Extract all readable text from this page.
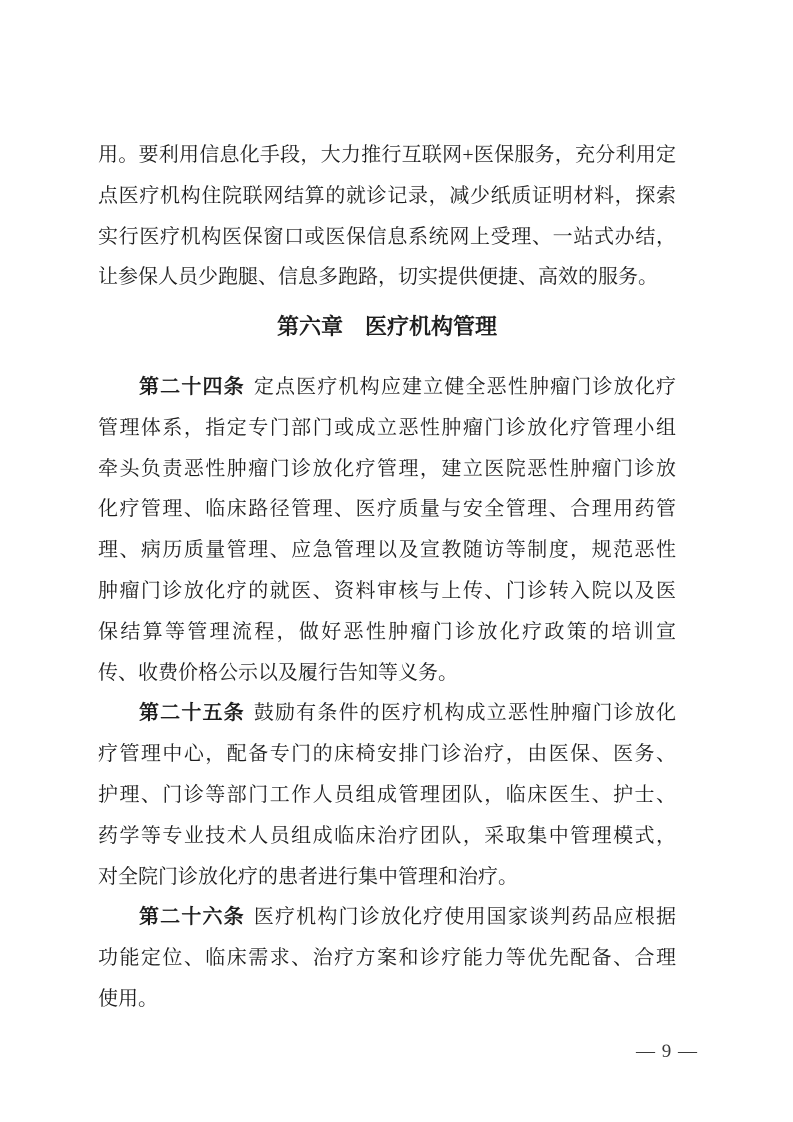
用。要利用信息化手段，大力推行互联网+医保服务，充分利用定
点医疗机构住院联网结算的就诊记录，减少纸质证明材料，探索
实行医疗机构医保窗口或医保信息系统网上受理、一站式办结，
让参保人员少跑腿、信息多跑路，切实提供便捷、高效的服务。
第六章　医疗机构管理
第二十四条 定点医疗机构应建立健全恶性肿瘤门诊放化疗
管理体系，指定专门部门或成立恶性肿瘤门诊放化疗管理小组
牵头负责恶性肿瘤门诊放化疗管理，建立医院恶性肿瘤门诊放
化疗管理、临床路径管理、医疗质量与安全管理、合理用药管
理、病历质量管理、应急管理以及宣教随访等制度，规范恶性
肿瘤门诊放化疗的就医、资料审核与上传、门诊转入院以及医
保结算等管理流程，做好恶性肿瘤门诊放化疗政策的培训宣
传、收费价格公示以及履行告知等义务。
第二十五条 鼓励有条件的医疗机构成立恶性肿瘤门诊放化
疗管理中心，配备专门的床椅安排门诊治疗，由医保、医务、
护理、门诊等部门工作人员组成管理团队，临床医生、护士、
药学等专业技术人员组成临床治疗团队，采取集中管理模式，
对全院门诊放化疗的患者进行集中管理和治疗。
第二十六条 医疗机构门诊放化疗使用国家谈判药品应根据
功能定位、临床需求、治疗方案和诊疗能力等优先配备、合理
使用。
— 9 —
